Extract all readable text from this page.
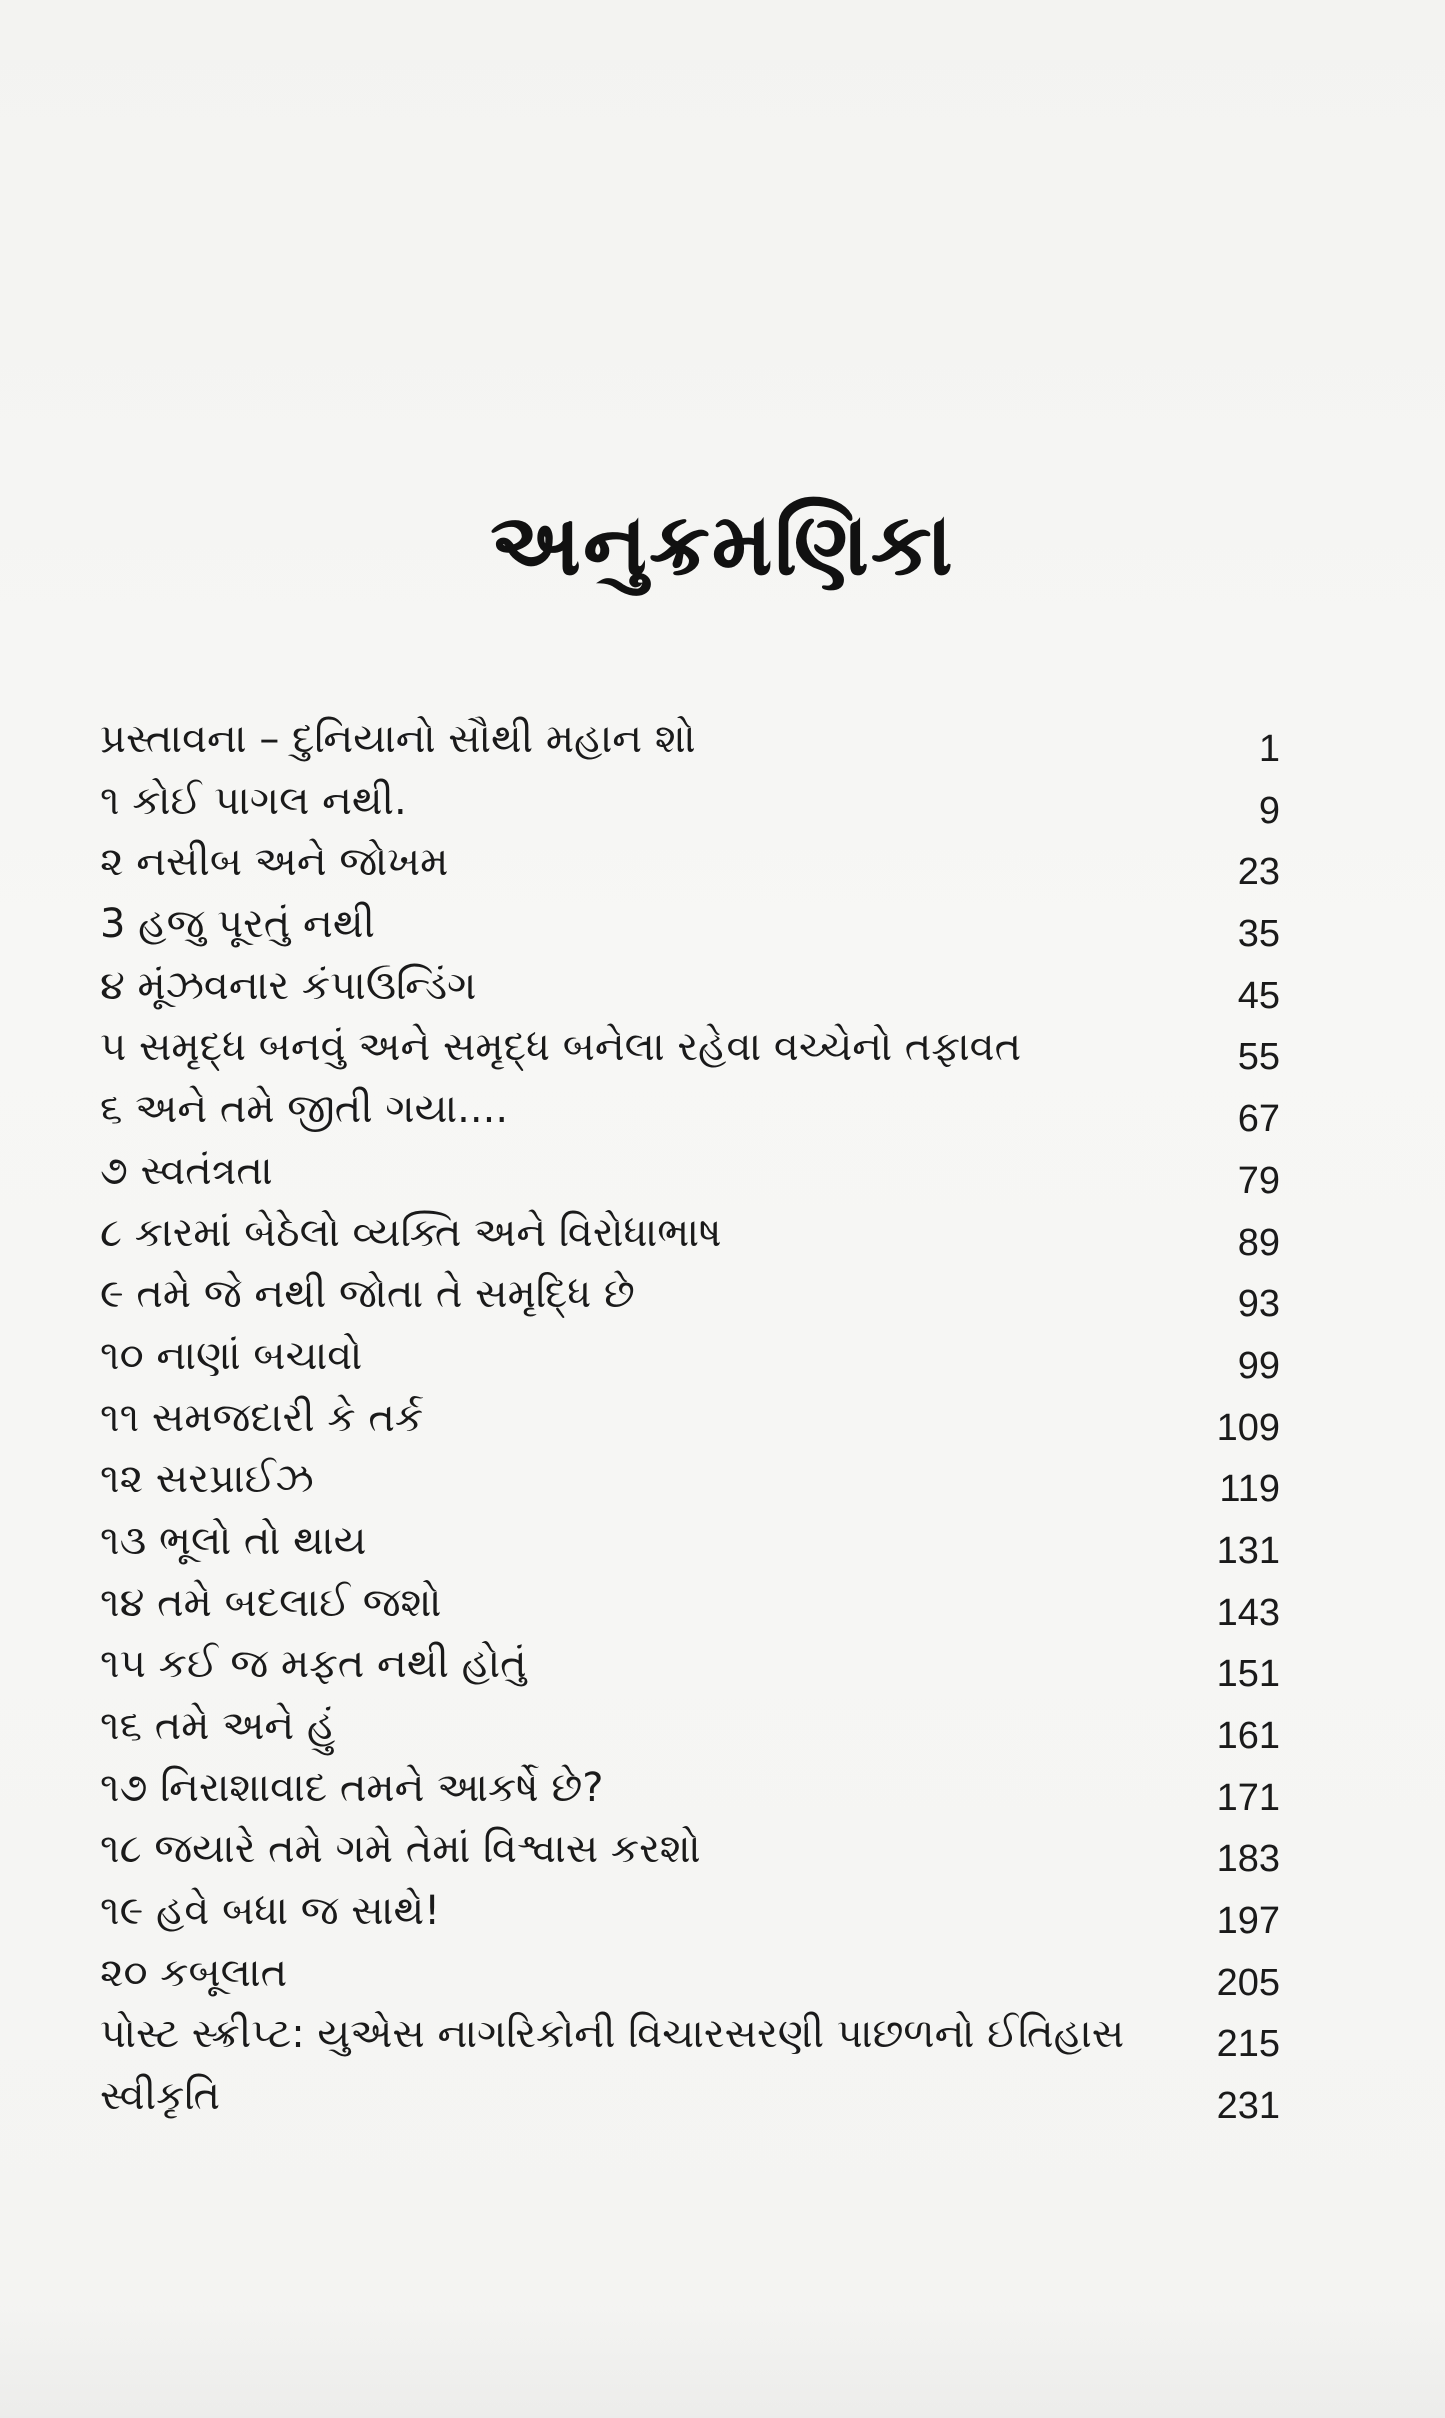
અનુક્રમણિકા
પ્રસ્તાવના – દુનિયાનો સૌથી મહાન શો	1
૧ કોઈ પાગલ નથી.	9
૨ નસીબ અને જોખમ	23
3 હજુ પૂરતું નથી	35
૪ મૂંઝવનાર કંપાઉન્ડિંગ	45
૫ સમૃદ્ધ બનવું અને સમૃદ્ધ બનેલા રહેવા વચ્ચેનો તફાવત	55
૬ અને તમે જીતી ગયા....	67
૭ સ્વતંત્રતા	79
૮ કારમાં બેઠેલો વ્યક્તિ અને વિરોધાભાષ	89
૯ તમે જે નથી જોતા તે સમૃદ્ધિ છે	93
૧૦ નાણાં બચાવો	99
૧૧ સમજદારી કે તર્ક	109
૧૨ સરપ્રાઈઝ	119
૧૩ ભૂલો તો થાય	131
૧૪ તમે બદલાઈ જશો	143
૧૫ કઈ જ મફત નથી હોતું	151
૧૬ તમે અને હું	161
૧૭ નિરાશાવાદ તમને આકર્ષે છે?	171
૧૮ જયારે તમે ગમે તેમાં વિશ્વાસ કરશો	183
૧૯ હવે બધા જ સાથે!	197
૨૦ કબૂલાત	205
પોસ્ટ સ્ક્રીપ્ટ: યુએસ નાગરિકોની વિચારસરણી પાછળનો ઈતિહાસ 215
સ્વીકૃતિ	231
